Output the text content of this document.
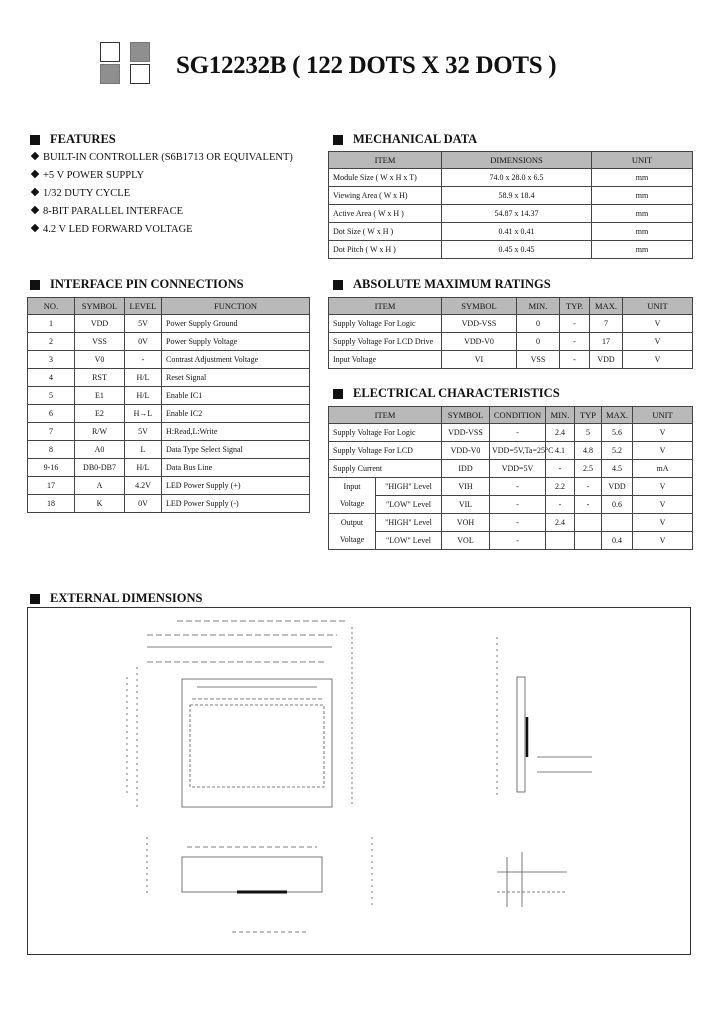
SG12232B ( 122 DOTS X 32 DOTS )
FEATURES
BUILT-IN CONTROLLER (S6B1713 OR EQUIVALENT)
+5 V POWER SUPPLY
1/32 DUTY CYCLE
8-BIT PARALLEL INTERFACE
4.2 V LED FORWARD VOLTAGE
MECHANICAL DATA
ITEM	DIMENSIONS	UNIT
Module Size ( W x H x T)	74.0 x 28.0 x 6.5	mm
Viewing Area ( W x H)	58.9 x 18.4	mm
Active Area ( W x H )	54.87 x 14.37	mm
Dot Size ( W x H )	0.41 x 0.41	mm
Dot Pitch ( W x H )	0.45 x 0.45	mm
INTERFACE PIN CONNECTIONS
NO.	SYMBOL	LEVEL	FUNCTION
1	VDD	5V	Power Supply Ground
2	VSS	0V	Power Supply Voltage
3	V0	-	Contrast Adjustment Voltage
4	RST	H/L	Reset Signal
5	E1	H/L	Enable IC1
6	E2	H→L	Enable IC2
7	R/W	5V	H:Read,L:Write
8	A0	L	Data Type Select Signal
9-16	DB0-DB7	H/L	Data Bus Line
17	A	4.2V	LED Power Supply (+)
18	K	0V	LED Power Supply (-)
ABSOLUTE MAXIMUM RATINGS
ITEM	SYMBOL	MIN.	TYP.	MAX.	UNIT
Supply Voltage For Logic	VDD-VSS	0	-	7	V
Supply Voltage For LCD Drive	VDD-V0	0	-	17	V
Input Voltage	VI	VSS	-	VDD	V
ELECTRICAL CHARACTERISTICS
ITEM		SYMBOL	CONDITION	MIN.	TYP	MAX.	UNIT
Supply Voltage For Logic		VDD-VSS	-	2.4	5	5.6	V
Supply Voltage For LCD		VDD-V0	VDD=5V,Ta=25°C	4.1	4.8	5.2	V
Supply Current		IDD	VDD=5V	-	2.5	4.5	mA
Input	"HIGH" Level	VIH	-	2.2	-	VDD	V
Voltage	"LOW" Level	VIL	-	-	-	0.6	V
Output	"HIGH" Level	VOH	-	2.4			V
Voltage	"LOW" Level	VOL	-			0.4	V
EXTERNAL DIMENSIONS
